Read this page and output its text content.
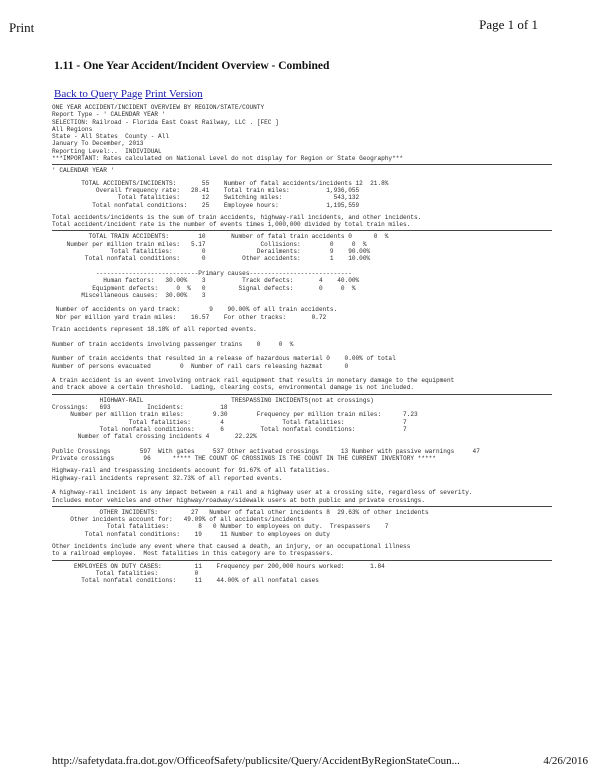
Print	Page 1 of 1
1.11 - One Year Accident/Incident Overview - Combined
Back to Query Page Print Version
ONE YEAR ACCIDENT/INCIDENT OVERVIEW BY REGION/STATE/COUNTY
Report Type - ' CALENDAR YEAR '
SELECTION: Railroad - Florida East Coast Railway, LLC . [FEC ]
All Regions
State - All States  County - All
January To December, 2013
Reporting Level:..  INDIVIDUAL
***IMPORTANT: Rates calculated on National Level do not display for Region or State Geography***
' CALENDAR YEAR '
TOTAL ACCIDENTS/INCIDENTS:       55    Number of fatal accidents/incidents 12  21.8%
Overall frequency rate:   28.41    Total train miles:          1,936,055
Total fatalities:      12    Switching miles:              543,132
Total nonfatal conditions:    25    Employee hours:             1,195,559
Total accidents/incidents is the sum of train accidents, highway-rail incidents, and other incidents.
Total accident/incident rate is the number of events times 1,000,000 divided by total train miles.
TOTAL TRAIN ACCIDENTS:        10       Number of fatal train accidents 0      0  %
Number per million train miles:   5.17               Collisions:        0     0  %
Total fatalities:        0              Derailments:        9    90.00%
Total nonfatal conditions:      0          Other accidents:        1    10.00%

----------------------------Primary causes----------------------------
Human factors:   30.00%    3          Track defects:       4    40.00%
Equipment defects:     0  %   0         Signal defects:       0     0  %
Miscellaneous causes:  30.00%    3

Number of accidents on yard track:        9    90.00% of all train accidents.
Nbr per million yard train miles:    16.57    For other tracks:       0.72
Train accidents represent 18.18% of all reported events.

Number of train accidents involving passenger trains    0     0  %

Number of train accidents that resulted in a release of hazardous material 0    0.00% of total
Number of persons evacuated        0  Number of rail cars releasing hazmat      0

A train accident is an event involving ontrack rail equipment that results in monetary damage to the equipment
and track above a certain threshold.  Lading, clearing costs, environmental damage is not included.
HIGHWAY-RAIL                        TRESPASSING INCIDENTS(not at crossings)
Crossings:   693          Incidents:          18
Number per million train miles:        9.30        Frequency per million train miles:      7.23
Total fatalities:        4                Total fatalities:                7
Total nonfatal conditions:       6          Total nonfatal conditions:             7
Number of fatal crossing incidents 4       22.22%

Public Crossings        597  With gates     537 Other activated crossings      13 Number with passive warnings     47
Private crossings        96      ***** THE COUNT OF CROSSINGS IS THE COUNT IN THE CURRENT INVENTORY *****
Highway-rail and trespassing incidents account for 91.67% of all fatalities.
Highway-rail incidents represent 32.73% of all reported events.

A highway-rail incident is any impact between a rail and a highway user at a crossing site, regardless of severity.
Includes motor vehicles and other highway/roadway/sidewalk users at both public and private crossings.
OTHER INCIDENTS:         27   Number of fatal other incidents 8  29.63% of other incidents
Other incidents account for:   49.09% of all accidents/incidents
Total fatalities:        8   0 Number to employees on duty.  Trespassers    7
Total nonfatal conditions:    19     11 Number to employees on duty
Other incidents include any event where that caused a death, an injury, or an occupational illness
to a railroad employee.  Most fatalities in this category are to trespassers.
EMPLOYEES ON DUTY CASES:         11    Frequency per 200,000 hours worked:       1.84
Total fatalities:          0
Total nonfatal conditions:     11    44.00% of all nonfatal cases
http://safetydata.fra.dot.gov/OfficeofSafety/publicsite/Query/AccidentByRegionStateCoun...	4/26/2016
